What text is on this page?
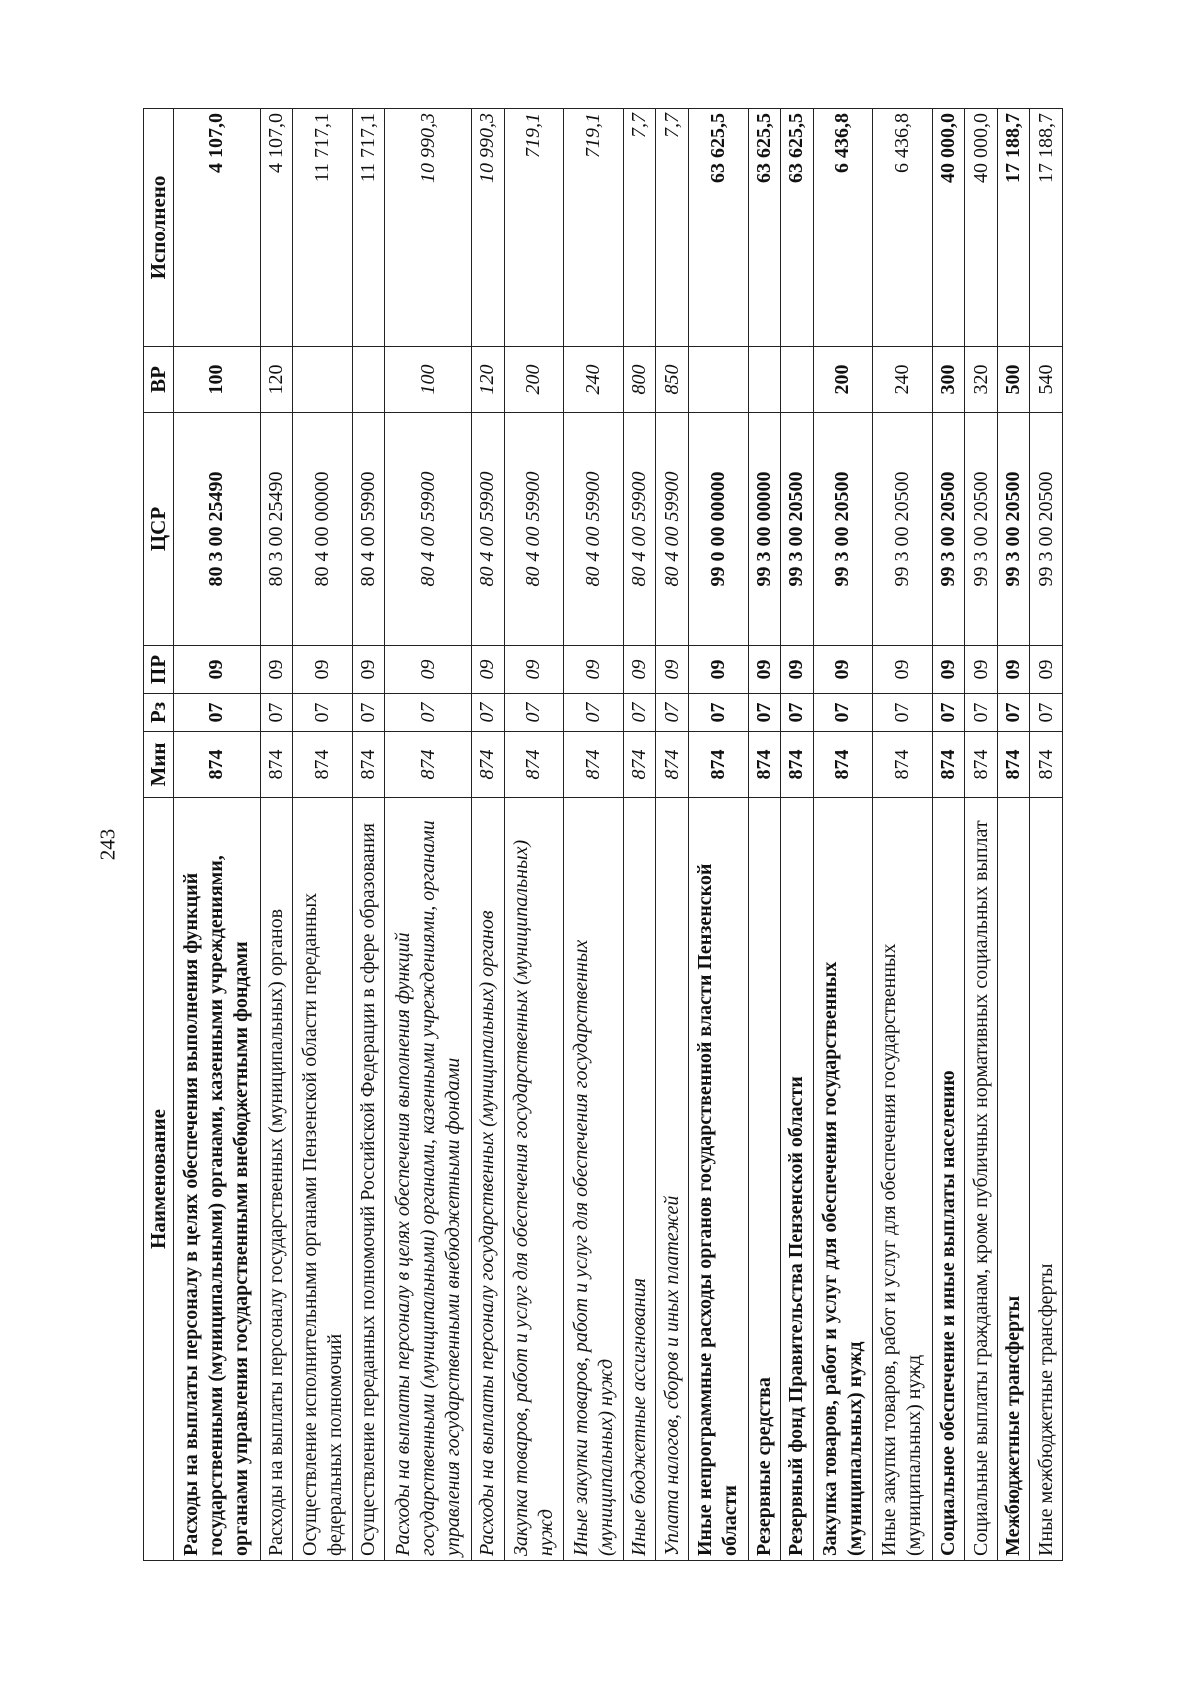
243
Наименование	Мин	Рз	ПР	ЦСР	ВР	Исполнено
Расходы на выплаты персоналу в целях обеспечения выполнения функций государственными (муниципальными) органами, казенными учреждениями, органами управления государственными внебюджетными фондами	874	07	09	80 3 00 25490	100	4 107,0
Расходы на выплаты персоналу государственных (муниципальных) органов	874	07	09	80 3 00 25490	120	4 107,0
Осуществление исполнительными органами Пензенской области переданных федеральных полномочий	874	07	09	80 4 00 00000		11 717,1
Осуществление переданных полномочий Российской Федерации в сфере образования	874	07	09	80 4 00 59900		11 717,1
Расходы на выплаты персоналу в целях обеспечения выполнения функций государственными (муниципальными) органами, казенными учреждениями, органами управления государственными внебюджетными фондами	874	07	09	80 4 00 59900	100	10 990,3
Расходы на выплаты персоналу государственных (муниципальных) органов	874	07	09	80 4 00 59900	120	10 990,3
Закупка товаров, работ и услуг для обеспечения государственных (муниципальных) нужд	874	07	09	80 4 00 59900	200	719,1
Иные закупки товаров, работ и услуг для обеспечения государственных (муниципальных) нужд	874	07	09	80 4 00 59900	240	719,1
Иные бюджетные ассигнования	874	07	09	80 4 00 59900	800	7,7
Уплата налогов, сборов и иных платежей	874	07	09	80 4 00 59900	850	7,7
Иные непрограммные расходы органов государственной власти Пензенской области	874	07	09	99 0 00 00000		63 625,5
Резервные средства	874	07	09	99 3 00 00000		63 625,5
Резервный фонд Правительства Пензенской области	874	07	09	99 3 00 20500		63 625,5
Закупка товаров, работ и услуг для обеспечения государственных (муниципальных) нужд	874	07	09	99 3 00 20500	200	6 436,8
Иные закупки товаров, работ и услуг для обеспечения государственных (муниципальных) нужд	874	07	09	99 3 00 20500	240	6 436,8
Социальное обеспечение и иные выплаты населению	874	07	09	99 3 00 20500	300	40 000,0
Социальные выплаты гражданам, кроме публичных нормативных социальных выплат	874	07	09	99 3 00 20500	320	40 000,0
Межбюджетные трансферты	874	07	09	99 3 00 20500	500	17 188,7
Иные межбюджетные трансферты	874	07	09	99 3 00 20500	540	17 188,7
